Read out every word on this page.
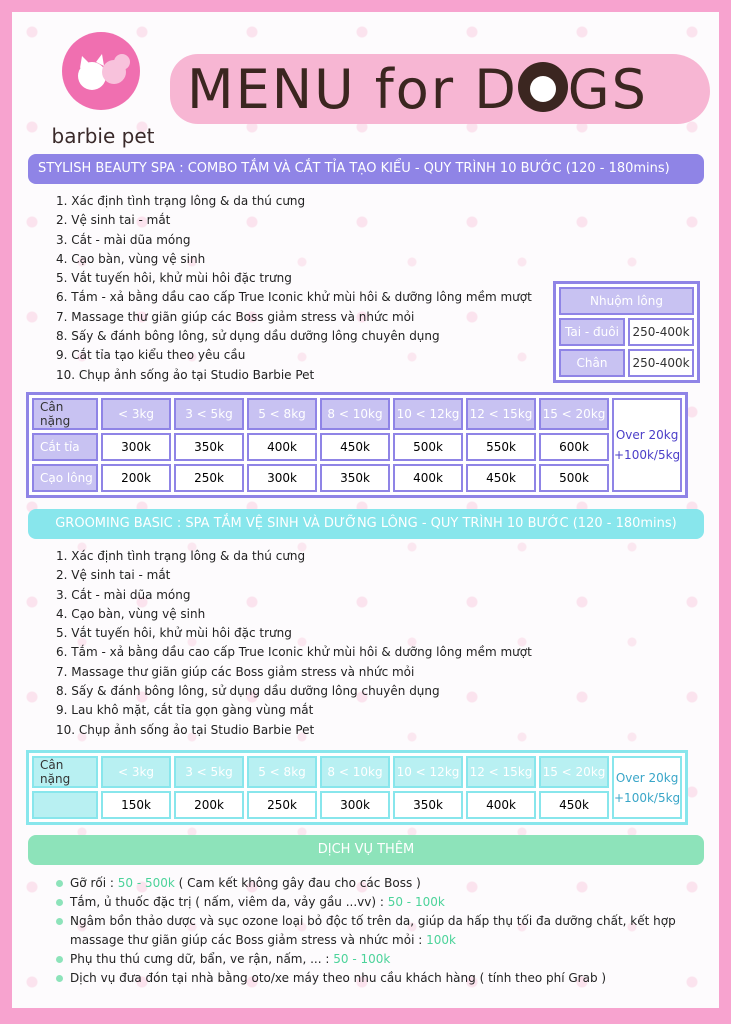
barbie pet
MENU for D GS
STYLISH BEAUTY SPA : COMBO TẮM VÀ CẮT TỈA TẠO KIỂU - QUY TRÌNH 10 BƯỚC (120 - 180mins)
1. Xác định tình trạng lông & da thú cưng
2. Vệ sinh tai - mắt
3. Cắt - mài dũa móng
4. Cạo bàn, vùng vệ sinh
5. Vắt tuyến hôi, khử mùi hôi đặc trưng
6. Tắm - xả bằng dầu cao cấp True Iconic khử mùi hôi & dưỡng lông mềm mượt
7. Massage thư giãn giúp các Boss giảm stress và nhức mỏi
8. Sấy & đánh bông lông, sử dụng dầu dưỡng lông chuyên dụng
9. Cắt tỉa tạo kiểu theo yêu cầu
10. Chụp ảnh sống ảo tại Studio Barbie Pet
Nhuộm lông	
Tai - đuôi	250-400k
Chân	250-400k
Cân nặng	< 3kg	3 < 5kg	5 < 8kg	8 < 10kg	10 < 12kg	12 < 15kg	15 < 20kg	Over 20kg
+100k/5kg

Cắt tỉa	300k	350k	400k	450k	500k	550k	600k	
Cạo lông	200k	250k	300k	350k	400k	450k	500k	
GROOMING BASIC : SPA TẮM VỆ SINH VÀ DƯỠNG LÔNG - QUY TRÌNH 10 BƯỚC (120 - 180mins)
1. Xác định tình trạng lông & da thú cưng
2. Vệ sinh tai - mắt
3. Cắt - mài dũa móng
4. Cạo bàn, vùng vệ sinh
5. Vắt tuyến hôi, khử mùi hôi đặc trưng
6. Tắm - xả bằng dầu cao cấp True Iconic khử mùi hôi & dưỡng lông mềm mượt
7. Massage thư giãn giúp các Boss giảm stress và nhức mỏi
8. Sấy & đánh bông lông, sử dụng dầu dưỡng lông chuyên dụng
9. Lau khô mặt, cắt tỉa gọn gàng vùng mắt
10. Chụp ảnh sống ảo tại Studio Barbie Pet
Cân nặng	< 3kg	3 < 5kg	5 < 8kg	8 < 10kg	10 < 12kg	12 < 15kg	15 < 20kg	Over 20kg
+100k/5kg

	150k	200k	250k	300k	350k	400k	450k	
DỊCH VỤ THÊM
Gỡ rối : 50 - 500k ( Cam kết không gây đau cho các Boss )
Tắm, ủ thuốc đặc trị ( nấm, viêm da, vảy gầu ...vv) : 50 - 100k
Ngâm bồn thảo dược và sục ozone loại bỏ độc tố trên da, giúp da hấp thụ tối đa dưỡng chất, kết hợp massage thư giãn giúp các Boss giảm stress và nhức mỏi : 100k
Phụ thu thú cưng dữ, bẩn, ve rận, nấm, ... : 50 - 100k
Dịch vụ đưa đón tại nhà bằng oto/xe máy theo nhu cầu khách hàng ( tính theo phí Grab )
